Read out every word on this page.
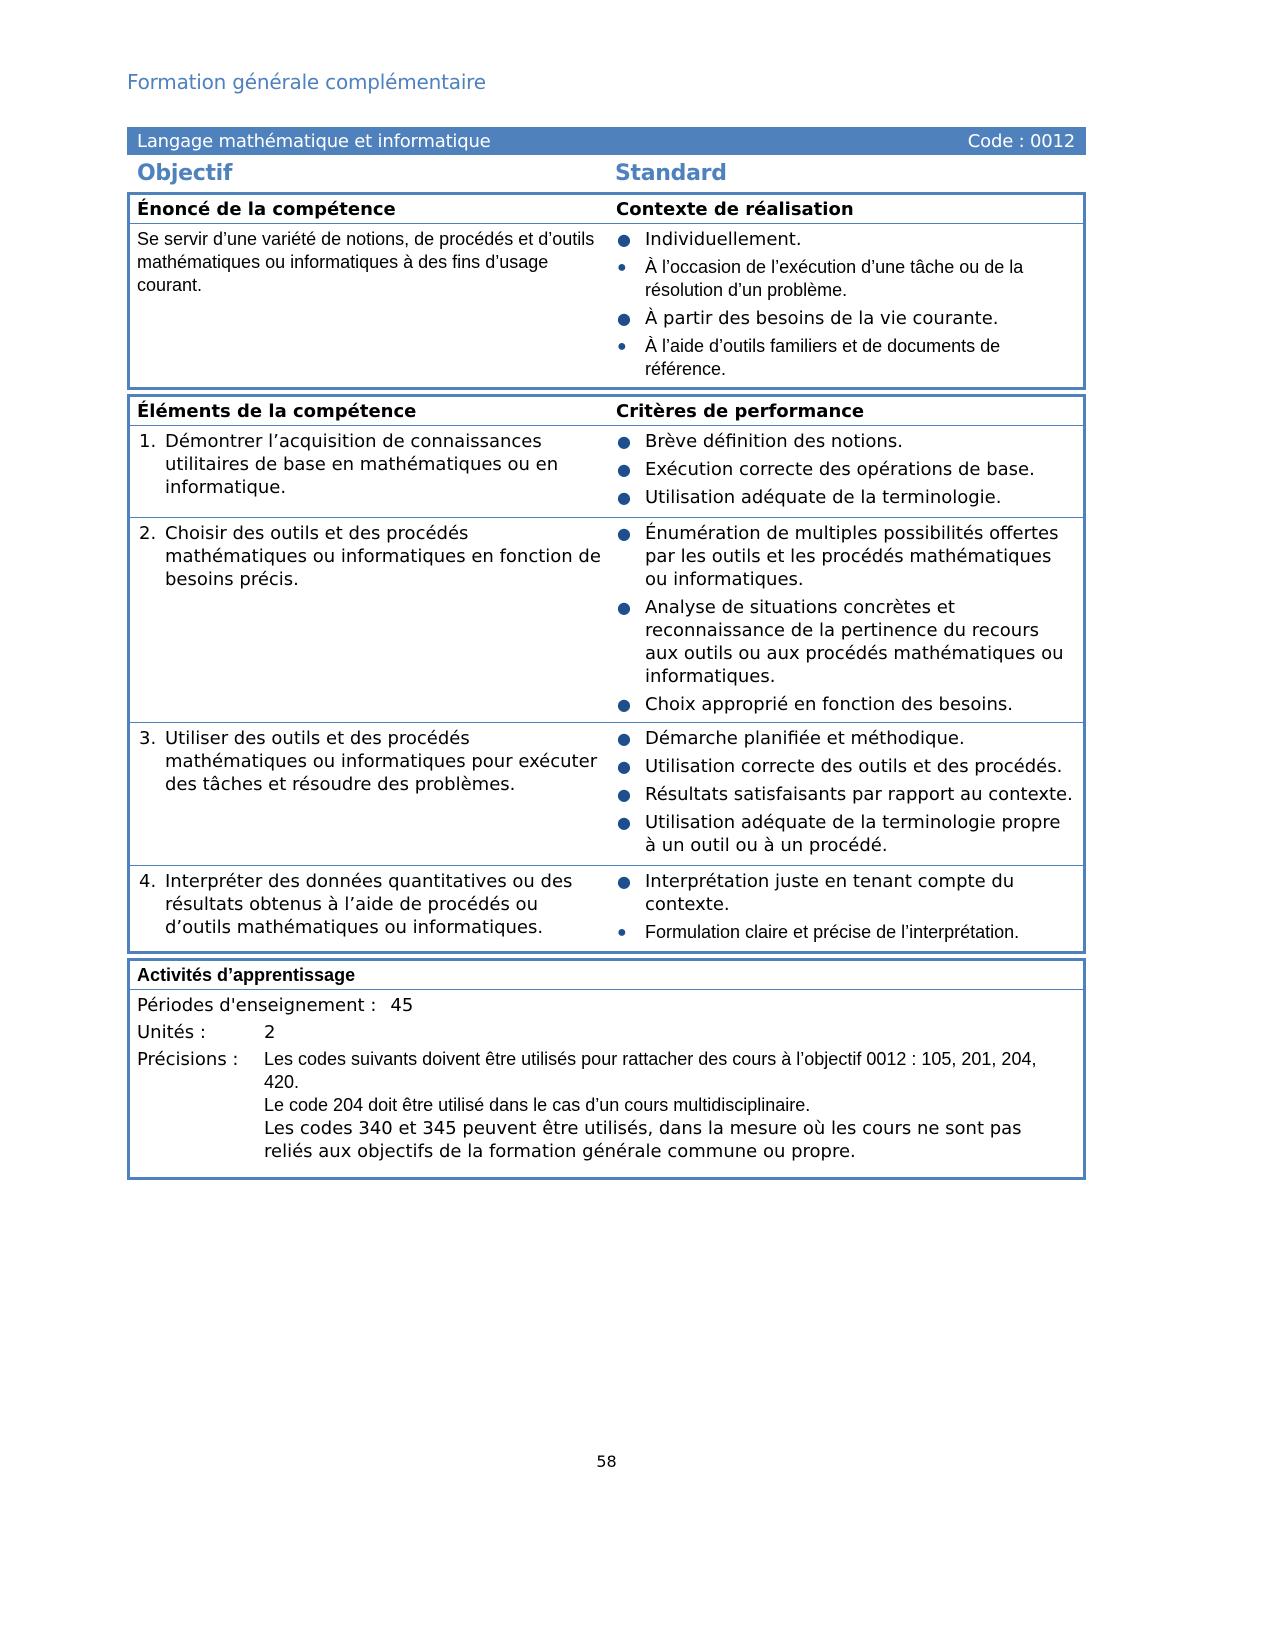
Formation générale complémentaire
Langage mathématique et informatique	Code : 0012
Objectif	Standard
Énoncé de la compétence	Contexte de réalisation
Se servir d’une variété de notions, de procédés et d’outils mathématiques ou informatiques à des fins d’usage courant.
● Individuellement.
● À l’occasion de l’exécution d’une tâche ou de la résolution d’un problème.
● À partir des besoins de la vie courante.
● À l’aide d’outils familiers et de documents de référence.
Éléments de la compétence	Critères de performance
1. Démontrer l’acquisition de connaissances utilitaires de base en mathématiques ou en informatique.
● Brève définition des notions.
● Exécution correcte des opérations de base.
● Utilisation adéquate de la terminologie.
2. Choisir des outils et des procédés mathématiques ou informatiques en fonction de besoins précis.
● Énumération de multiples possibilités offertes par les outils et les procédés mathématiques ou informatiques.
● Analyse de situations concrètes et reconnaissance de la pertinence du recours aux outils ou aux procédés mathématiques ou informatiques.
● Choix approprié en fonction des besoins.
3. Utiliser des outils et des procédés mathématiques ou informatiques pour exécuter des tâches et résoudre des problèmes.
● Démarche planifiée et méthodique.
● Utilisation correcte des outils et des procédés.
● Résultats satisfaisants par rapport au contexte.
● Utilisation adéquate de la terminologie propre à un outil ou à un procédé.
4. Interpréter des données quantitatives ou des résultats obtenus à l’aide de procédés ou d’outils mathématiques ou informatiques.
● Interprétation juste en tenant compte du contexte.
● Formulation claire et précise de l’interprétation.
Activités d’apprentissage
Périodes d'enseignement : 45
Unités :	2
Précisions :	Les codes suivants doivent être utilisés pour rattacher des cours à l’objectif 0012 : 105, 201, 204, 420.
Le code 204 doit être utilisé dans le cas d’un cours multidisciplinaire.
Les codes 340 et 345 peuvent être utilisés, dans la mesure où les cours ne sont pas reliés aux objectifs de la formation générale commune ou propre.
58
